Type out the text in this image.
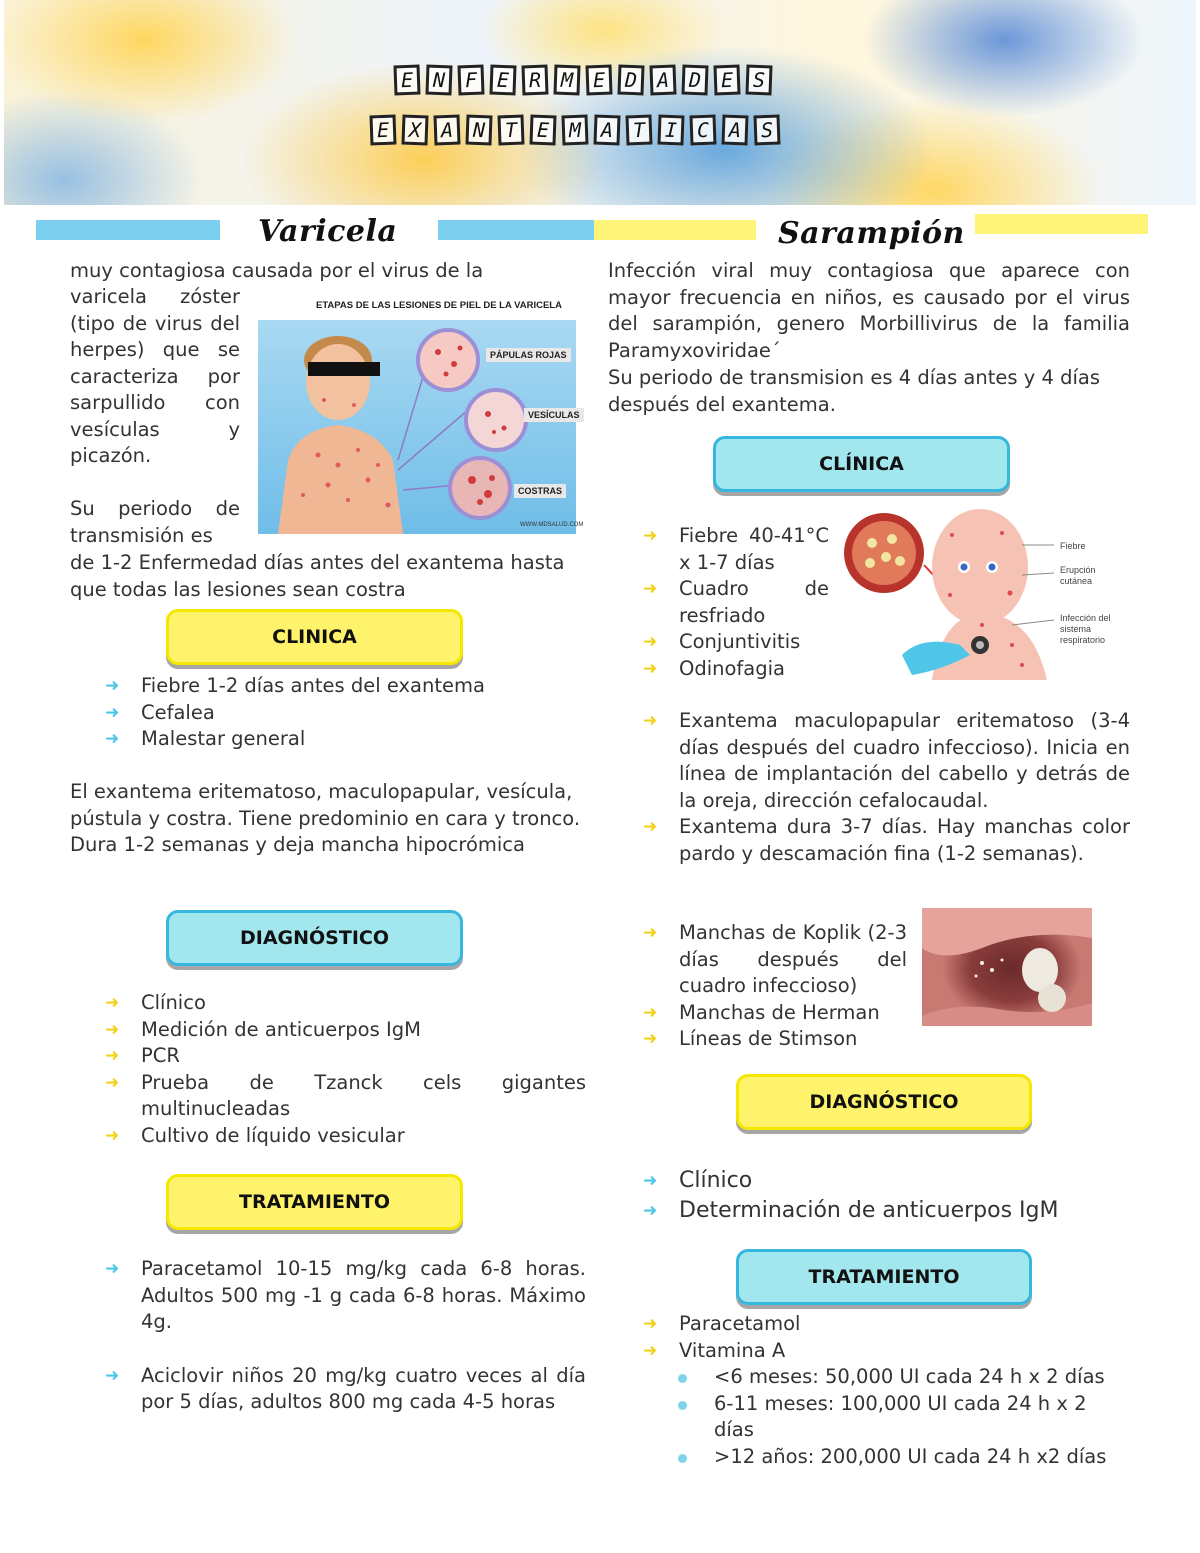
E N F E R M E D A D E S
E X A N T E M A T I C A S
Varicela	Sarampión
muy contagiosa causada por el virus de la
varicela zóster (tipo de virus del herpes) que se caracteriza por sarpullido con vesículas y picazón.
Su periodo de transmisión es
de 1-2 Enfermedad días antes del exantema hasta que todas las lesiones sean costra
ETAPAS DE LAS LESIONES DE PIEL DE LA VARICELA
PÁPULAS ROJAS
VESÍCULAS
COSTRAS
WWW.MDSALUD.COM
CLINICA
➜ Fiebre 1-2 días antes del exantema
➜ Cefalea
➜ Malestar general
El exantema eritematoso, maculopapular, vesícula, pústula y costra. Tiene predominio en cara y tronco. Dura 1-2 semanas y deja mancha hipocrómica
DIAGNÓSTICO
➜ Clínico
➜ Medición de anticuerpos IgM
➜ PCR
➜ Prueba de Tzanck cels gigantes multinucleadas
➜ Cultivo de líquido vesicular
TRATAMIENTO
➜ Paracetamol 10-15 mg/kg cada 6-8 horas. Adultos 500 mg -1 g cada 6-8 horas. Máximo 4g.
➜ Aciclovir niños 20 mg/kg cuatro veces al día por 5 días, adultos 800 mg cada 4-5 horas
Infección viral muy contagiosa que aparece con mayor frecuencia en niños, es causado por el virus del sarampión, genero Morbillivirus de la familia Paramyxoviridae´
Su periodo de transmision es 4 días antes y 4 días después del exantema.
CLÍNICA
Fiebre
Erupción cutánea
Infección del sistema respiratorio
➜ Fiebre 40-41°C x 1-7 días
➜ Cuadro de resfriado
➜ Conjuntivitis
➜ Odinofagia
➜ Exantema maculopapular eritematoso (3-4 días después del cuadro infeccioso). Inicia en línea de implantación del cabello y detrás de la oreja, dirección cefalocaudal.
➜ Exantema dura 3-7 días. Hay manchas color pardo y descamación fina (1-2 semanas).
➜ Manchas de Koplik (2-3 días después del cuadro infeccioso)
➜ Manchas de Herman
➜ Líneas de Stimson
DIAGNÓSTICO
➜ Clínico
➜ Determinación de anticuerpos IgM
TRATAMIENTO
➜ Paracetamol
➜ Vitamina A
<6 meses: 50,000 UI cada 24 h x 2 días
6-11 meses: 100,000 UI cada 24 h x 2 días
>12 años: 200,000 UI cada 24 h x2 días
